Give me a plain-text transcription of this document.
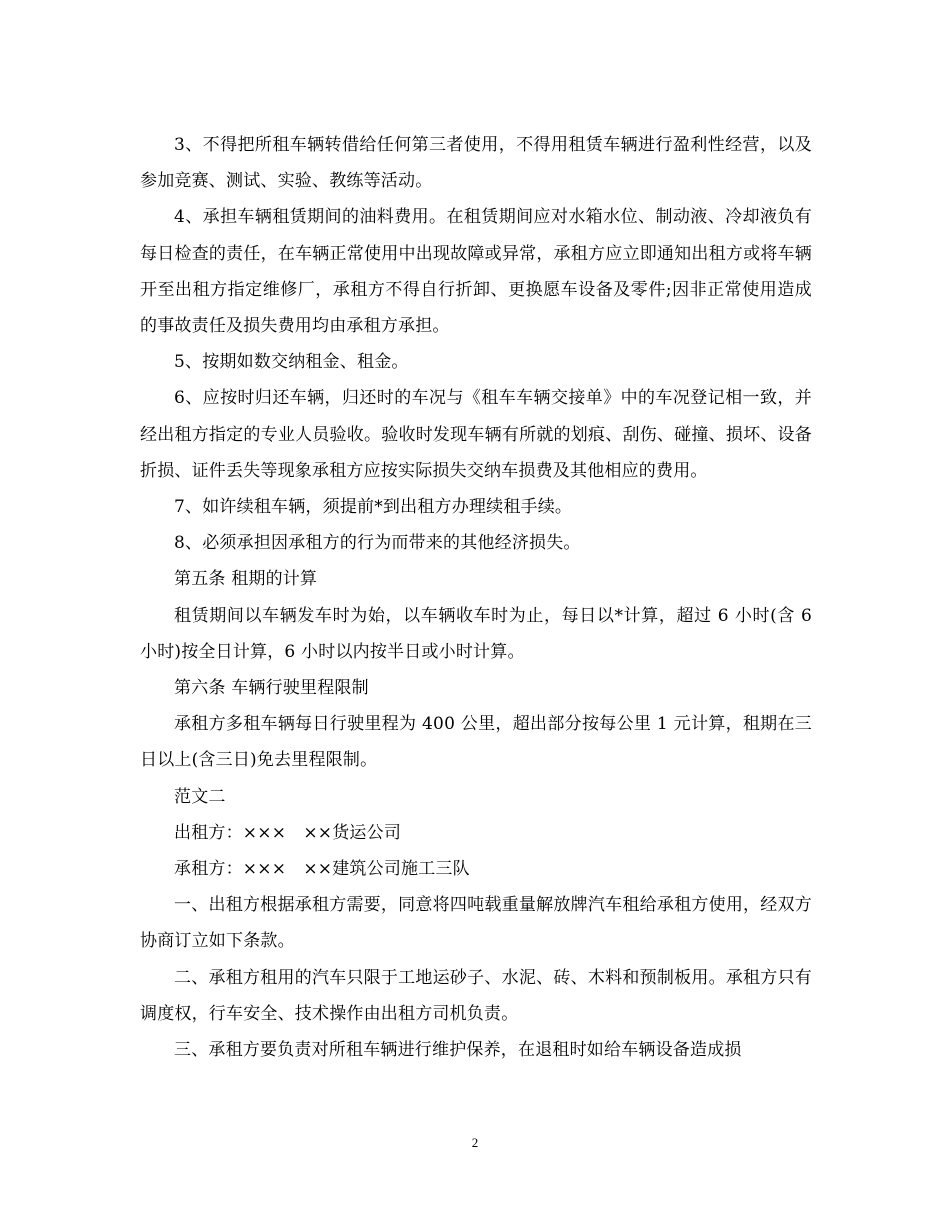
3、不得把所租车辆转借给任何第三者使用，不得用租赁车辆进行盈利性经营，以及参加竞赛、测试、实验、教练等活动。

4、承担车辆租赁期间的油料费用。在租赁期间应对水箱水位、制动液、冷却液负有每日检查的责任，在车辆正常使用中出现故障或异常，承租方应立即通知出租方或将车辆开至出租方指定维修厂，承租方不得自行折卸、更换愿车设备及零件;因非正常使用造成的事故责任及损失费用均由承租方承担。

5、按期如数交纳租金、租金。

6、应按时归还车辆，归还时的车况与《租车车辆交接单》中的车况登记相一致，并经出租方指定的专业人员验收。验收时发现车辆有所就的划痕、刮伤、碰撞、损坏、设备折损、证件丢失等现象承租方应按实际损失交纳车损费及其他相应的费用。

7、如许续租车辆，须提前*到出租方办理续租手续。

8、必须承担因承租方的行为而带来的其他经济损失。

第五条 租期的计算

租赁期间以车辆发车时为始，以车辆收车时为止，每日以*计算，超过 6 小时(含 6 小时)按全日计算，6 小时以内按半日或小时计算。

第六条 车辆行驶里程限制

承租方多租车辆每日行驶里程为 400 公里，超出部分按每公里 1 元计算，租期在三日以上(含三日)免去里程限制。

范文二

出租方：×××　××货运公司

承租方：×××　××建筑公司施工三队

一、出租方根据承租方需要，同意将四吨载重量解放牌汽车租给承租方使用，经双方协商订立如下条款。

二、承租方租用的汽车只限于工地运砂子、水泥、砖、木料和预制板用。承租方只有调度权，行车安全、技术操作由出租方司机负责。

三、承租方要负责对所租车辆进行维护保养，在退租时如给车辆设备造成损

2
